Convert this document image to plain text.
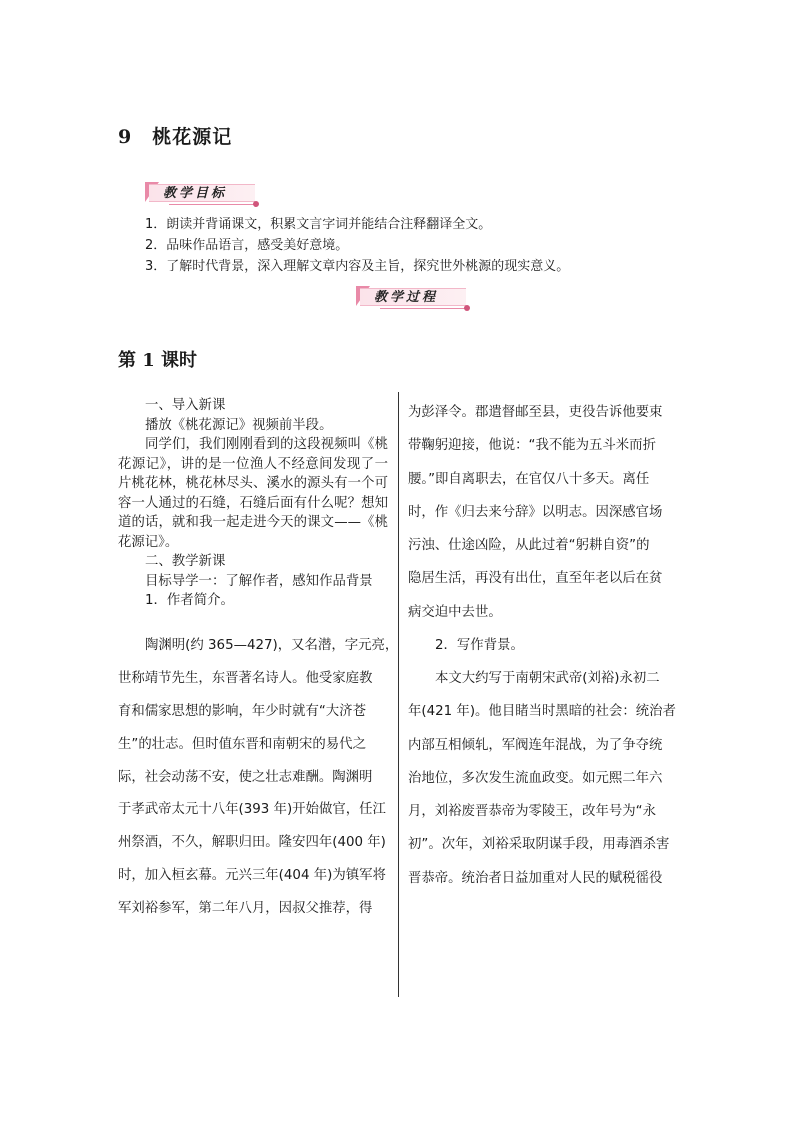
9 桃花源记
教学目标
1．朗读并背诵课文，积累文言字词并能结合注释翻译全文。
2．品味作品语言，感受美好意境。
3．了解时代背景，深入理解文章内容及主旨，探究世外桃源的现实意义。
教学过程
第 1 课时

一、导入新课

播放《桃花源记》视频前半段。

同学们，我们刚刚看到的这段视频叫《桃花源记》，讲的是一位渔人不经意间发现了一片桃花林，桃花林尽头、溪水的源头有一个可容一人通过的石缝，石缝后面有什么呢？想知道的话，就和我一起走进今天的课文——《桃花源记》。

二、教学新课

目标导学一：了解作者，感知作品背景

1．作者简介。

陶渊明(约 365—427)，又名潜，字元亮，
世称靖节先生，东晋著名诗人。他受家庭教
育和儒家思想的影响，年少时就有“大济苍
生”的壮志。但时值东晋和南朝宋的易代之
际，社会动荡不安，使之壮志难酬。陶渊明
于孝武帝太元十八年(393 年)开始做官，任江
州祭酒，不久，解职归田。隆安四年(400 年)
时，加入桓玄幕。元兴三年(404 年)为镇军将
军刘裕参军，第二年八月，因叔父推荐，得
为彭泽令。郡遣督邮至县，吏役告诉他要束
带鞠躬迎接，他说：“我不能为五斗米而折
腰。”即自离职去，在官仅八十多天。离任
时，作《归去来兮辞》以明志。因深感官场
污浊、仕途凶险，从此过着“躬耕自资”的
隐居生活，再没有出仕，直至年老以后在贫
病交迫中去世。
2．写作背景。
本文大约写于南朝宋武帝(刘裕)永初二
年(421 年)。他目睹当时黑暗的社会：统治者
内部互相倾轧，军阀连年混战，为了争夺统
治地位，多次发生流血政变。如元熙二年六
月，刘裕废晋恭帝为零陵王，改年号为“永
初”。次年，刘裕采取阴谋手段，用毒酒杀害
晋恭帝。统治者日益加重对人民的赋税徭役
